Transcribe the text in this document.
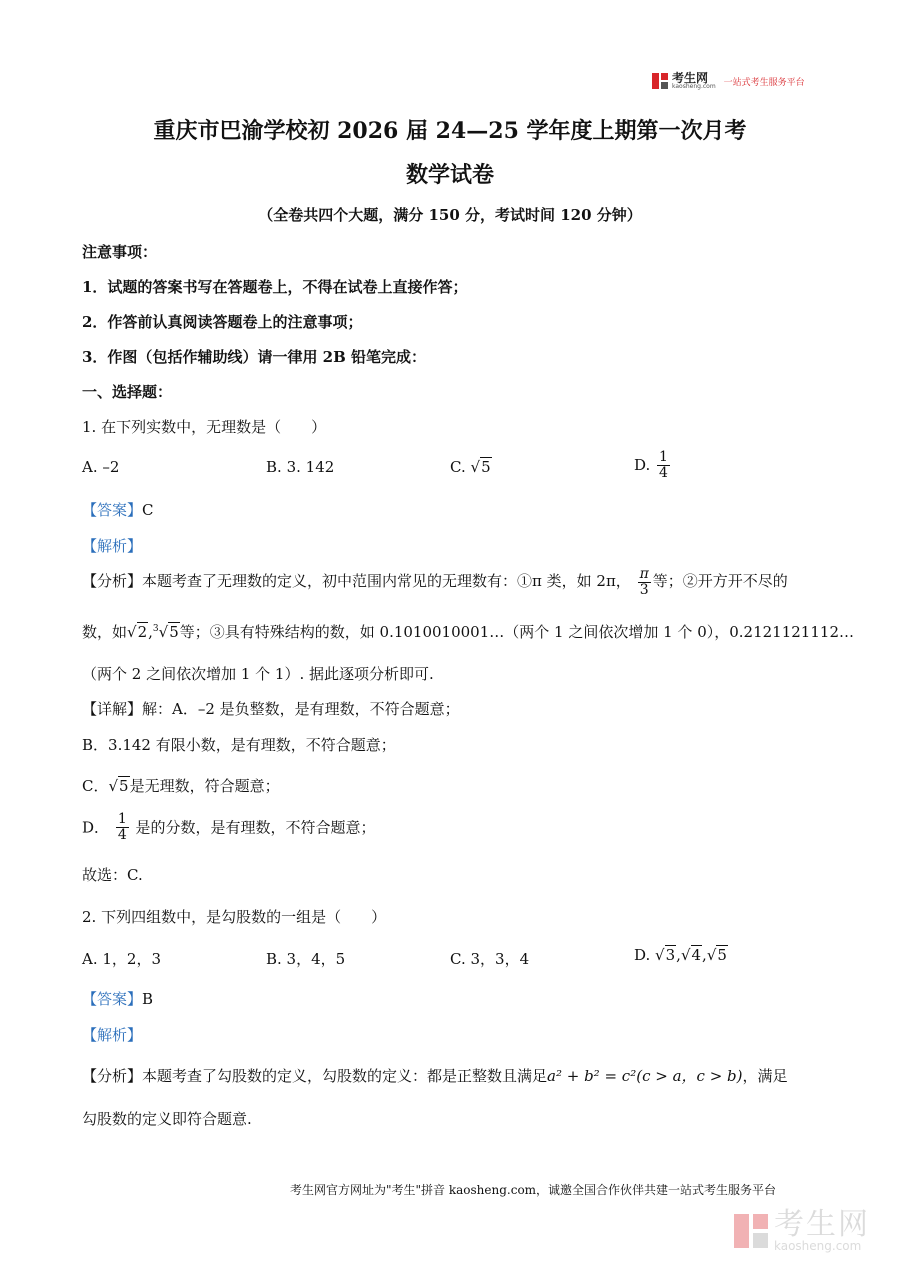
考生网
kaosheng.com 一站式考生服务平台
重庆市巴渝学校初 2026 届 24—25 学年度上期第一次月考
数学试卷
（全卷共四个大题，满分 150 分，考试时间 120 分钟）
注意事项：
1．试题的答案书写在答题卷上，不得在试卷上直接作答；
2．作答前认真阅读答题卷上的注意事项；
3．作图（包括作辅助线）请一律用 2B 铅笔完成：
一、选择题：
1. 在下列实数中，无理数是（　　）
A. –2	B. 3. 142	C. √5	D. $\frac{1}{4}$
【答案】C
【解析】
【分析】本题考查了无理数的定义，初中范围内常见的无理数有：①π 类，如 2π， $\frac{\pi}{3}$ 等；②开方开不尽的
数，如√2,$^3$√5等；③具有特殊结构的数，如 0.1010010001…（两个 1 之间依次增加 1 个 0），0.2121121112…
（两个 2 之间依次增加 1 个 1）. 据此逐项分析即可.
【详解】解：A．–2 是负整数，是有理数，不符合题意；
B．3.142 有限小数，是有理数，不符合题意；
C．√5是无理数，符合题意；
D． $\frac{1}{4}$ 是的分数，是有理数，不符合题意；
故选：C.
2. 下列四组数中，是勾股数的一组是（　　）
A. 1，2，3	B. 3，4，5	C. 3，3，4	D. √3,√4,√5
【答案】B
【解析】
【分析】本题考查了勾股数的定义，勾股数的定义：都是正整数且满足a² + b² = c²(c > a，c > b)，满足
勾股数的定义即符合题意.
考生网官方网址为"考生"拼音 kaosheng.com，诚邀全国合作伙伴共建一站式考生服务平台
考生网
kaosheng.com
